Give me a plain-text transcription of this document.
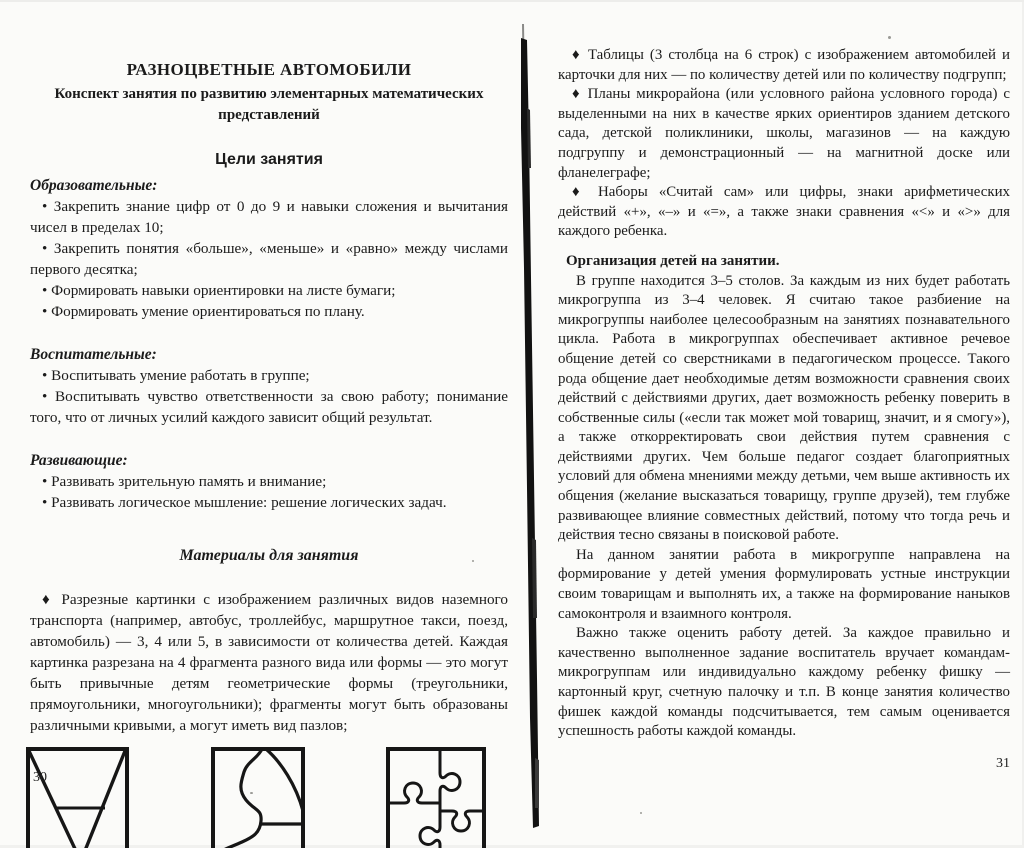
РАЗНОЦВЕТНЫЕ АВТОМОБИЛИ
Конспект занятия по развитию элементарных математических представлений
Цели занятия

Образовательные:

• Закрепить знание цифр от 0 до 9 и навыки сложения и вычитания чисел в пределах 10;

• Закрепить понятия «больше», «меньше» и «равно» между числами первого десятка;

• Формировать навыки ориентировки на листе бумаги;

• Формировать умение ориентироваться по плану.

Воспитательные:

• Воспитывать умение работать в группе;

• Воспитывать чувство ответственности за свою работу; понимание того, что от личных усилий каждого зависит общий результат.

Развивающие:

• Развивать зрительную память и внимание;

• Развивать логическое мышление: решение логических задач.

Материалы для занятия

♦ Разрезные картинки с изображением различных видов наземного транспорта (например, автобус, троллейбус, маршрутное такси, поезд, автомобиль) — 3, 4 или 5, в зависимости от количества детей. Каждая картинка разрезана на 4 фрагмента разного вида или формы — это могут быть привычные детям геометрические формы (треугольники, прямоугольники, многоугольники); фрагменты могут быть образованы различными кривыми, а могут иметь вид пазлов;

♦ Таблицы (3 столбца на 6 строк) с изображением автомобилей и карточки для них — по количеству детей или по количеству подгрупп;

♦ Планы микрорайона (или условного района условного города) с выделенными на них в качестве ярких ориентиров зданием детского сада, детской поликлиники, школы, магазинов — на каждую подгруппу и демонстрационный — на магнитной доске или фланелеграфе;

♦ Наборы «Считай сам» или цифры, знаки арифметических действий «+», «–» и «=», а также знаки сравнения «<» и «>» для каждого ребенка.

Организация детей на занятии.

В группе находится 3–5 столов. За каждым из них будет работать микрогруппа из 3–4 человек. Я считаю такое разбиение на микрогруппы наиболее целесообразным на занятиях познавательного цикла. Работа в микрогруппах обеспечивает активное речевое общение детей со сверстниками в педагогическом процессе. Такого рода общение дает необходимые детям возможности сравнения своих действий с действиями других, дает возможность ребенку поверить в собственные силы («если так может мой товарищ, значит, и я смогу»), а также откорректировать свои действия путем сравнения с действиями других. Чем больше педагог создает благоприятных условий для обмена мнениями между детьми, чем выше активность их общения (желание высказаться товарищу, группе друзей), тем глубже развивающее влияние совместных действий, потому что тогда речь и действия тесно связаны в поисковой работе.

На данном занятии работа в микрогруппе направлена на формирование у детей умения формулировать устные инструкции своим товарищам и выполнять их, а также на формирование наныков самоконтроля и взаимного контроля.

Важно также оценить работу детей. За каждое правильно и качественно выполненное задание воспитатель вручает командам-микрогруппам или индивидуально каждому ребенку фишку — картонный круг, счетную палочку и т.п. В конце занятия количество фишек каждой команды подсчитывается, тем самым оценивается успешность работы каждой команды.

30
31
